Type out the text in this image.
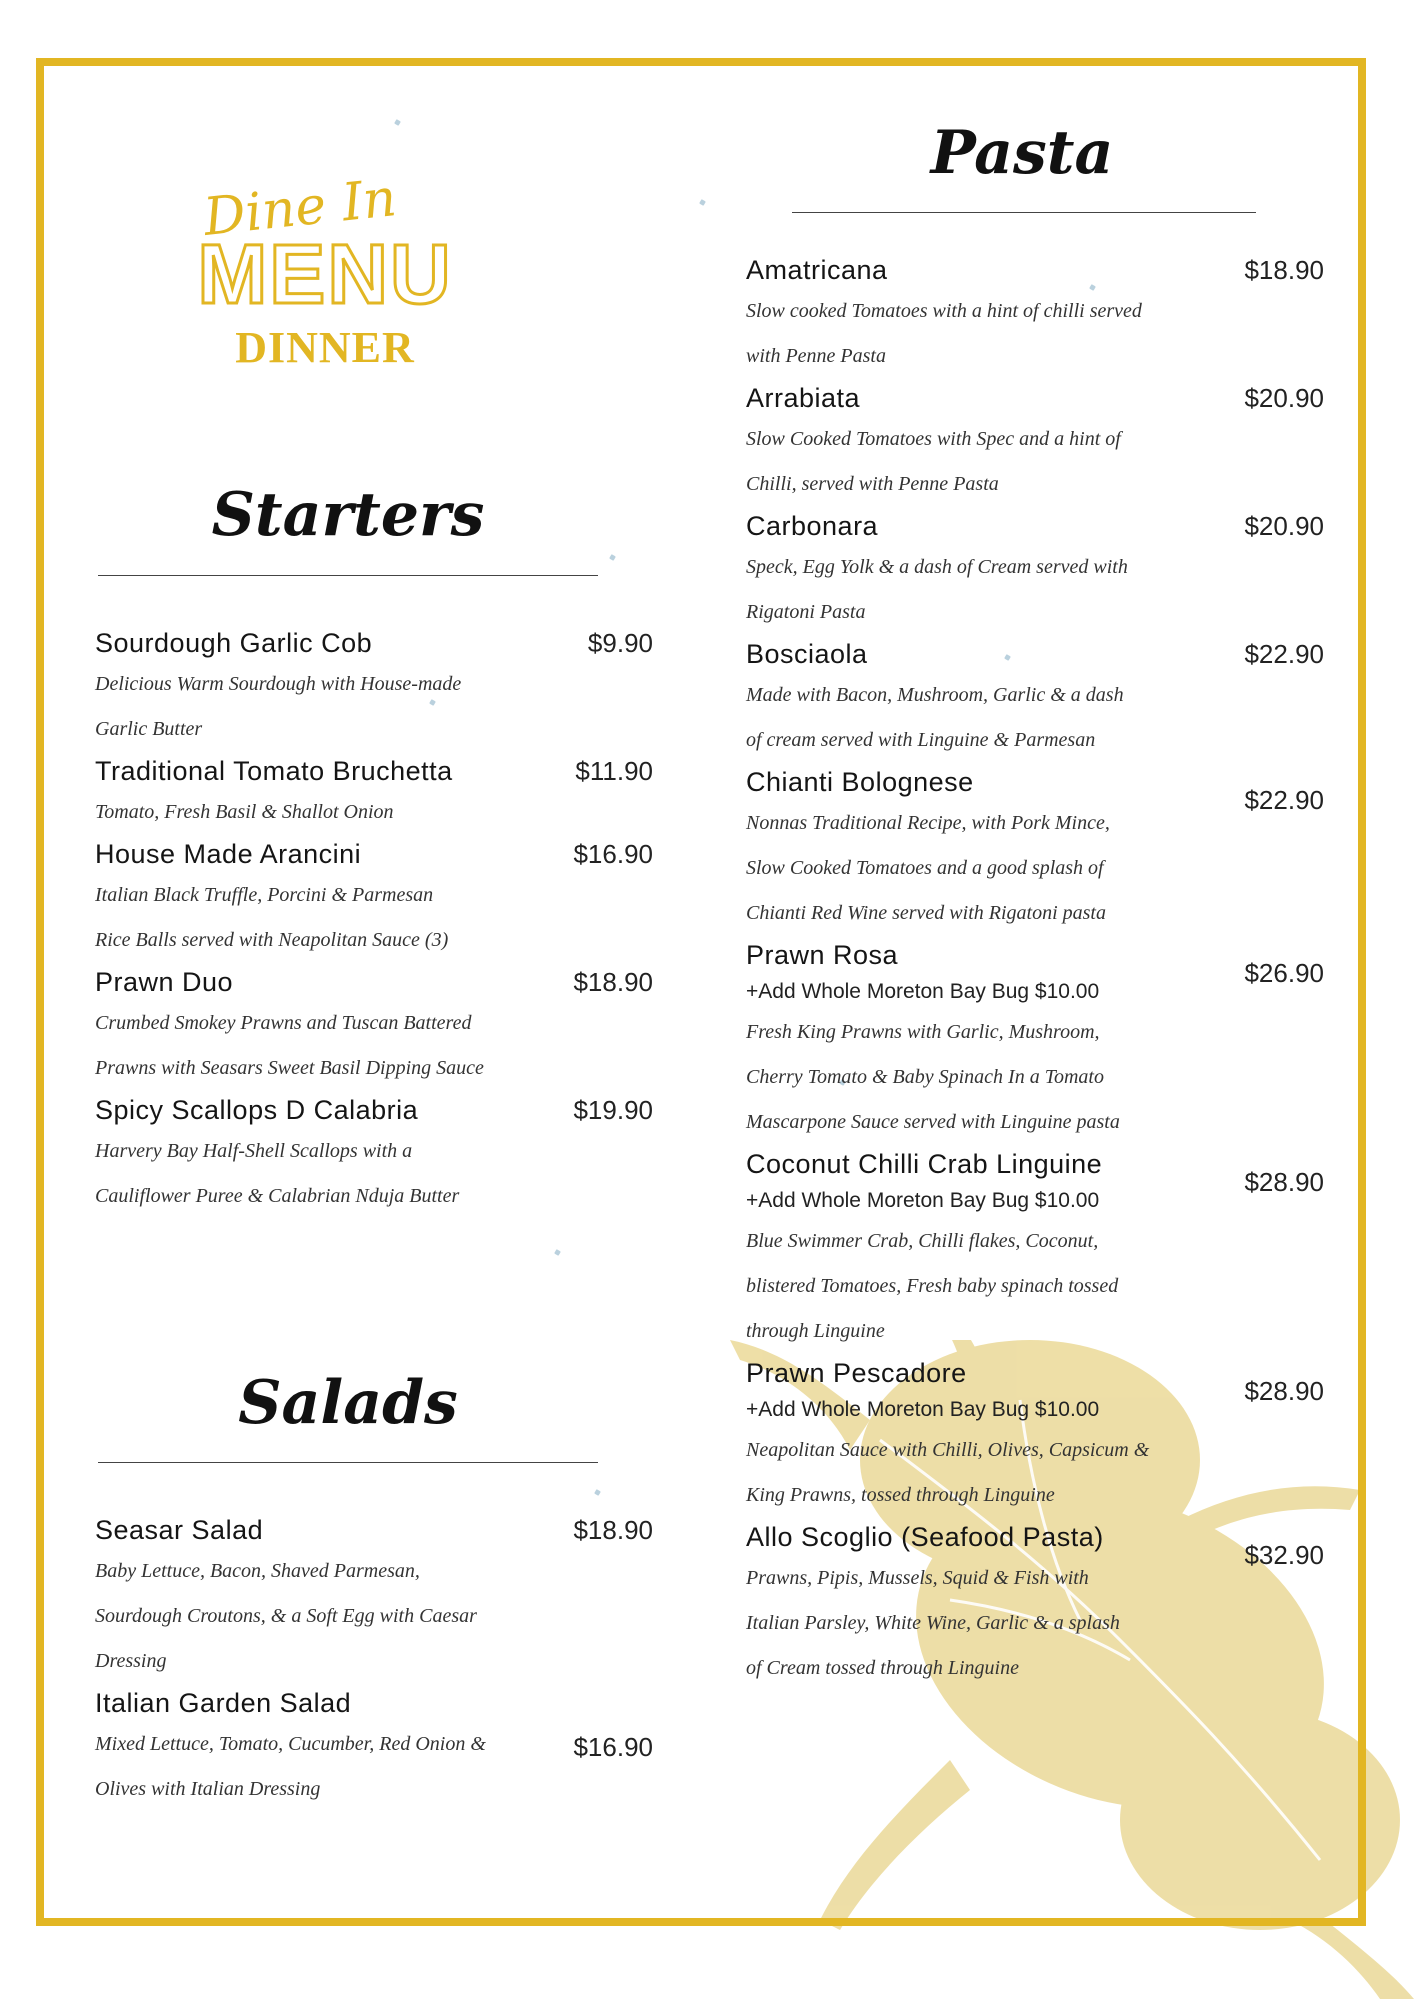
Dine In
MENU
DINNER
Starters
$9.90
Sourdough Garlic Cob
Delicious Warm Sourdough with House-made
Garlic Butter
$11.90
Traditional Tomato Bruchetta
Tomato, Fresh Basil & Shallot Onion
$16.90
House Made Arancini
Italian Black Truffle, Porcini & Parmesan
Rice Balls served with Neapolitan Sauce (3)
$18.90
Prawn Duo
Crumbed Smokey Prawns and Tuscan Battered
Prawns with Seasars Sweet Basil Dipping Sauce
$19.90
Spicy Scallops D Calabria
Harvery Bay Half-Shell Scallops with a
Cauliflower Puree & Calabrian Nduja Butter
Salads
$18.90
Seasar Salad
Baby Lettuce, Bacon, Shaved Parmesan,
Sourdough Croutons, & a Soft Egg with Caesar
Dressing
$16.90
Italian Garden Salad
Mixed Lettuce, Tomato, Cucumber, Red Onion &
Olives with Italian Dressing
Pasta
$18.90
Amatricana
Slow cooked Tomatoes with a hint of chilli served
with Penne Pasta
$20.90
Arrabiata
Slow Cooked Tomatoes with Spec and a hint of
Chilli, served with Penne Pasta
$20.90
Carbonara
Speck, Egg Yolk & a dash of Cream served with
Rigatoni Pasta
$22.90
Bosciaola
Made with Bacon, Mushroom, Garlic & a dash
of cream served with Linguine & Parmesan
$22.90
Chianti Bolognese
Nonnas Traditional Recipe, with Pork Mince,
Slow Cooked Tomatoes and a good splash of
Chianti Red Wine served with Rigatoni pasta
$26.90
Prawn Rosa
+Add Whole Moreton Bay Bug $10.00
Fresh King Prawns with Garlic, Mushroom,
Cherry Tomato & Baby Spinach In a Tomato
Mascarpone Sauce served with Linguine pasta
$28.90
Coconut Chilli Crab Linguine
+Add Whole Moreton Bay Bug $10.00
Blue Swimmer Crab, Chilli flakes, Coconut,
blistered Tomatoes, Fresh baby spinach tossed
through Linguine
$28.90
Prawn Pescadore
+Add Whole Moreton Bay Bug $10.00
Neapolitan Sauce with Chilli, Olives, Capsicum &
King Prawns, tossed through Linguine
$32.90
Allo Scoglio (Seafood Pasta)
Prawns, Pipis, Mussels, Squid & Fish with
Italian Parsley, White Wine, Garlic & a splash
of Cream tossed through Linguine
